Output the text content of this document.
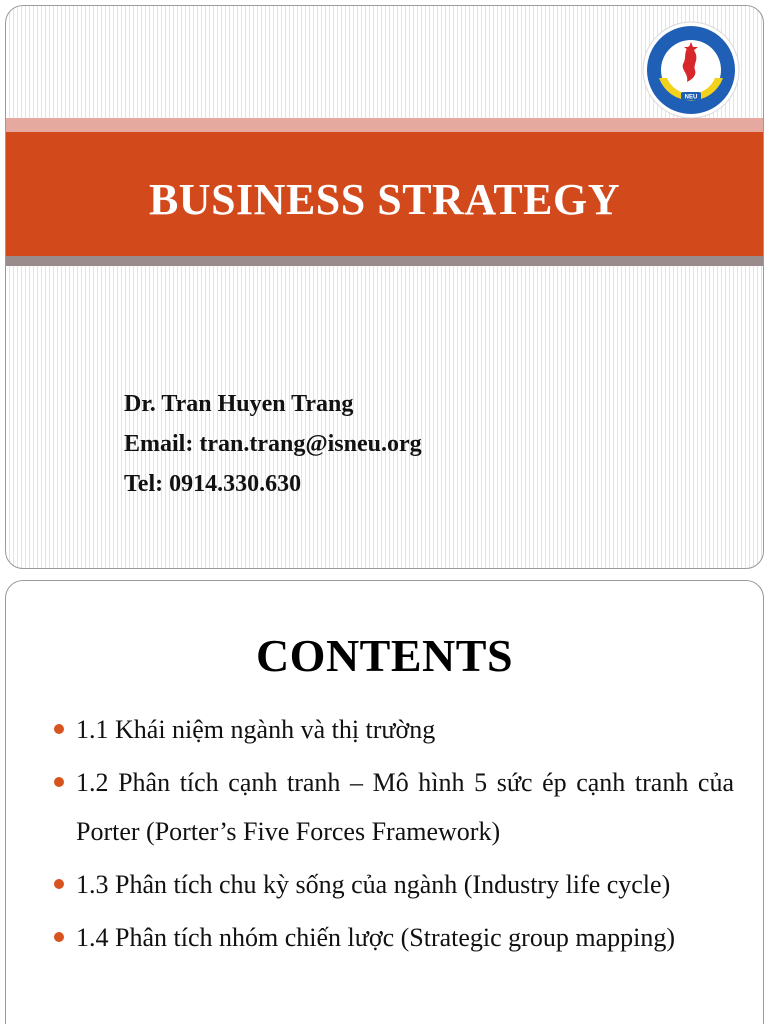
NEU
BUSINESS STRATEGY
Dr. Tran Huyen Trang
Email: tran.trang@isneu.org
Tel: 0914.330.630
CONTENTS
1.1 Khái niệm ngành và thị trường
1.2 Phân tích cạnh tranh – Mô hình 5 sức ép cạnh tranh của Porter (Porter’s Five Forces Framework)
1.3 Phân tích chu kỳ sống của ngành (Industry life cycle)
1.4 Phân tích nhóm chiến lược (Strategic group mapping)
